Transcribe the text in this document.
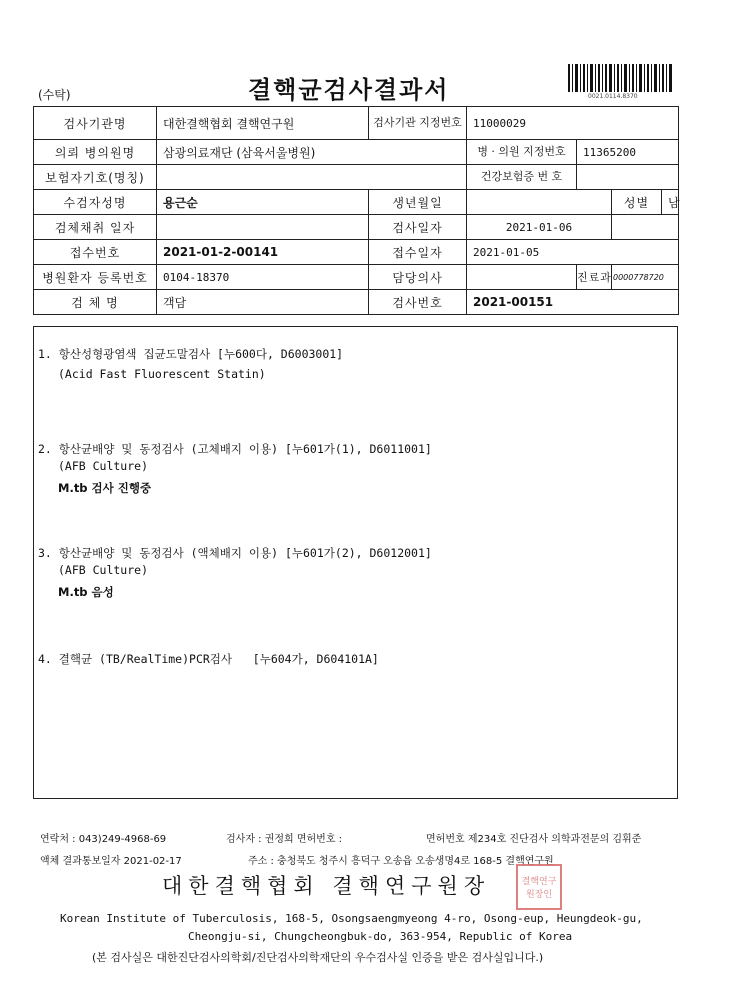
(수탁)	결핵균검사결과서	0021.0114.8370
검사기관명	대한결핵협회 결핵연구원	검사기관 지정번호	11000029			
의뢰 병의원명	삼광의료재단 (삼육서울병원)		병 · 의원 지정번호	11365200		
보험자기호(명칭)			건강보험증 번 호			
수검자성명	용근순	생년월일			성별	남
검체채취 일자		검사일자	2021-01-06			
접수번호	2021-01-2-00141	접수일자	2021-01-05			
병원환자 등록번호	0104-18370	담당의사		진료과	0000778720	
검 체 명	객담	검사번호	2021-00151			
1. 항산성형광염색 집균도말검사 [누600다, D6003001]
(Acid Fast Fluorescent Statin)
2. 항산균배양 및 동정검사 (고체배지 이용) [누601가(1), D6011001]
(AFB Culture)
M.tb 검사 진행중
3. 항산균배양 및 동정검사 (액체배지 이용) [누601가(2), D6012001]
(AFB Culture)
M.tb 음성
4. 결핵균 (TB/RealTime)PCR검사   [누604가, D604101A]
연락처 : 043)249-4968-69	검사자 : 권정희 면허번호 :	면허번호 제234호 진단검사 의학과전문의 김휘준
액체 결과통보일자 2021-02-17	주소 : 충청북도 청주시 흥덕구 오송읍 오송생명4로 168-5 결핵연구원
대한결핵협회 결핵연구원장	결핵연구원장인
Korean Institute of Tuberculosis, 168-5, Osongsaengmyeong 4-ro, Osong-eup, Heungdeok-gu,
Cheongju-si, Chungcheongbuk-do, 363-954, Republic of Korea
(본 검사실은 대한진단검사의학회/진단검사의학재단의 우수검사실 인증을 받은 검사실입니다.)
